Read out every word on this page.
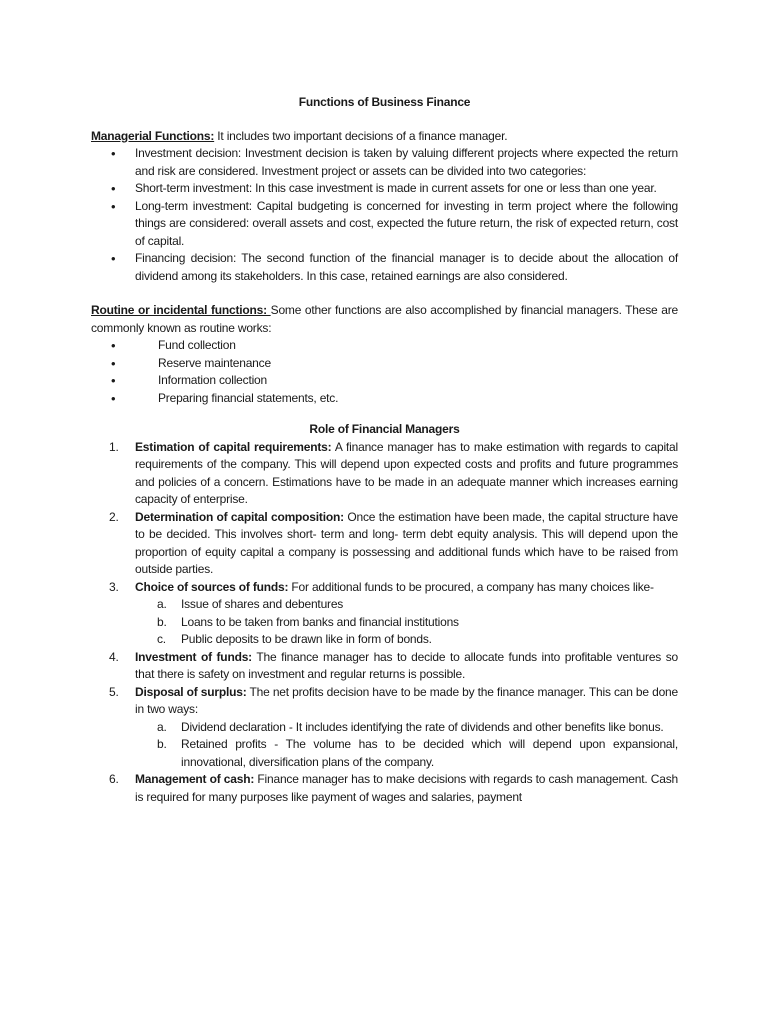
Functions of Business Finance

Managerial Functions: It includes two important decisions of a finance manager.

• Investment decision: Investment decision is taken by valuing different projects where expected the return and risk are considered. Investment project or assets can be divided into two categories:
• Short-term investment: In this case investment is made in current assets for one or less than one year.
• Long-term investment: Capital budgeting is concerned for investing in term project where the following things are considered: overall assets and cost, expected the future return, the risk of expected return, cost of capital.
• Financing decision: The second function of the financial manager is to decide about the allocation of dividend among its stakeholders. In this case, retained earnings are also considered.

Routine or incidental functions: Some other functions are also accomplished by financial managers. These are commonly known as routine works:

• Fund collection
• Reserve maintenance
• Information collection
• Preparing financial statements, etc.
Role of Financial Managers
1. Estimation of capital requirements: A finance manager has to make estimation with regards to capital requirements of the company. This will depend upon expected costs and profits and future programmes and policies of a concern. Estimations have to be made in an adequate manner which increases earning capacity of enterprise.
2. Determination of capital composition: Once the estimation have been made, the capital structure have to be decided. This involves short- term and long- term debt equity analysis. This will depend upon the proportion of equity capital a company is possessing and additional funds which have to be raised from outside parties.
3. Choice of sources of funds: For additional funds to be procured, a company has many choices like-
a. Issue of shares and debentures
b. Loans to be taken from banks and financial institutions
c. Public deposits to be drawn like in form of bonds.
4. Investment of funds: The finance manager has to decide to allocate funds into profitable ventures so that there is safety on investment and regular returns is possible.
5. Disposal of surplus: The net profits decision have to be made by the finance manager. This can be done in two ways:
a. Dividend declaration - It includes identifying the rate of dividends and other benefits like bonus.
b. Retained profits - The volume has to be decided which will depend upon expansional, innovational, diversification plans of the company.
6. Management of cash: Finance manager has to make decisions with regards to cash management. Cash is required for many purposes like payment of wages and salaries, payment
